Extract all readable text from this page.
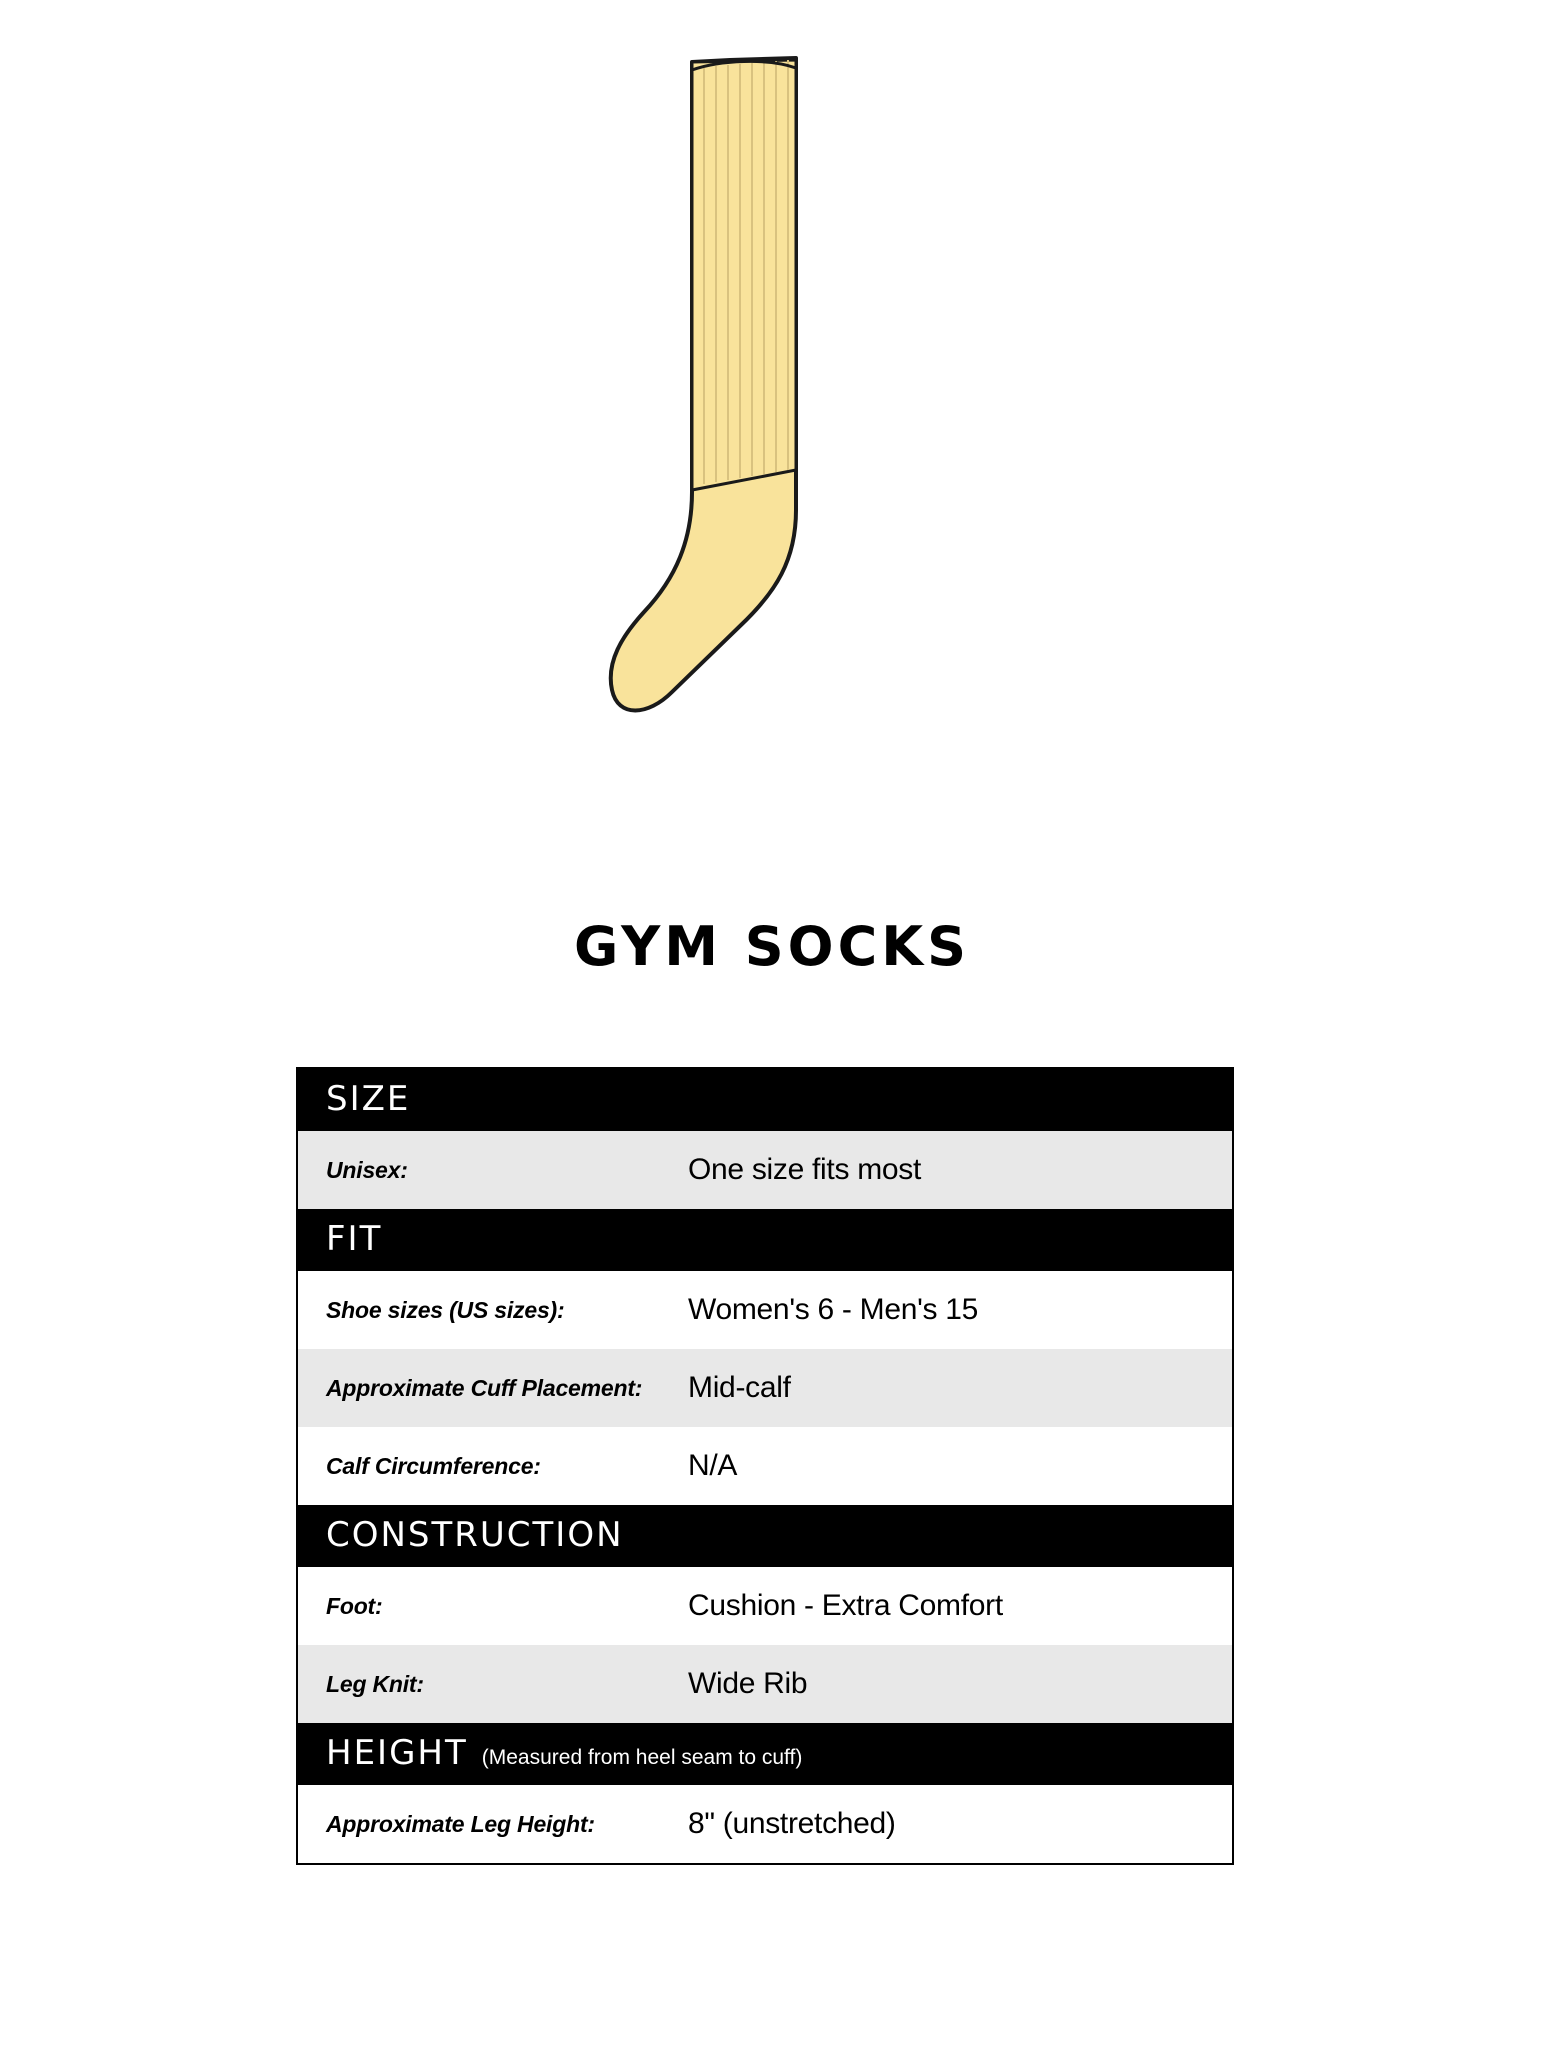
GYM SOCKS
SIZE
Unisex:	One size fits most
FIT
Shoe sizes (US sizes):	Women's 6 - Men's 15
Approximate Cuff Placement:	Mid-calf
Calf Circumference:	N/A
CONSTRUCTION
Foot:	Cushion - Extra Comfort
Leg Knit:	Wide Rib
HEIGHT (Measured from heel seam to cuff)
Approximate Leg Height:	8" (unstretched)
